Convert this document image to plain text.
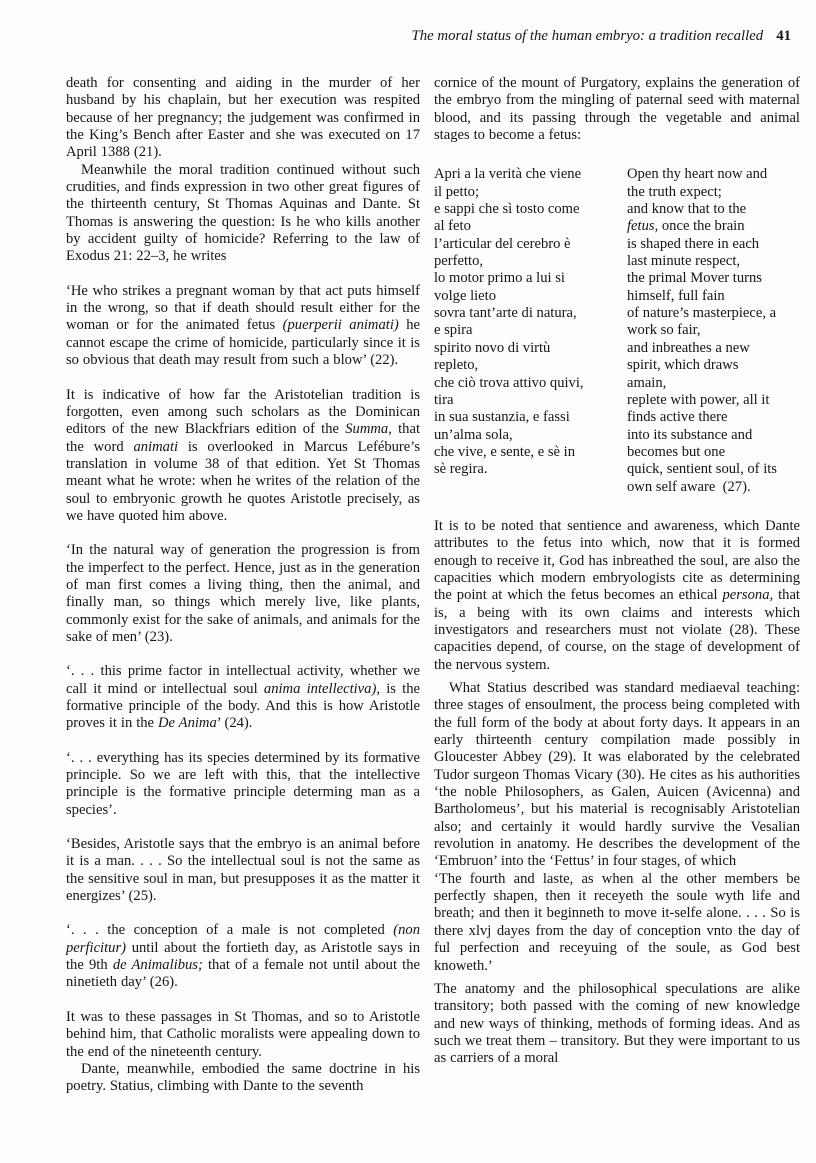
The moral status of the human embryo: a tradition recalled 41

death for consenting and aiding in the murder of her husband by his chaplain, but her execution was respited because of her pregnancy; the judgement was confirmed in the King’s Bench after Easter and she was executed on 17 April 1388 (21).

Meanwhile the moral tradition continued without such crudities, and finds expression in two other great figures of the thirteenth century, St Thomas Aquinas and Dante. St Thomas is answering the question: Is he who kills another by accident guilty of homicide? Referring to the law of Exodus 21: 22–3, he writes

‘He who strikes a pregnant woman by that act puts himself in the wrong, so that if death should result either for the woman or for the animated fetus (puerperii animati) he cannot escape the crime of homicide, particularly since it is so obvious that death may result from such a blow’ (22).

It is indicative of how far the Aristotelian tradition is forgotten, even among such scholars as the Dominican editors of the new Blackfriars edition of the Summa, that the word animati is overlooked in Marcus Lefébure’s translation in volume 38 of that edition. Yet St Thomas meant what he wrote: when he writes of the relation of the soul to embryonic growth he quotes Aristotle precisely, as we have quoted him above.

‘In the natural way of generation the progression is from the imperfect to the perfect. Hence, just as in the generation of man first comes a living thing, then the animal, and finally man, so things which merely live, like plants, commonly exist for the sake of animals, and animals for the sake of men’ (23).

‘. . . this prime factor in intellectual activity, whether we call it mind or intellectual soul anima intellectiva), is the formative principle of the body. And this is how Aristotle proves it in the De Anima’ (24).

‘. . . everything has its species determined by its formative principle. So we are left with this, that the intellective principle is the formative principle determing man as a species’.

‘Besides, Aristotle says that the embryo is an animal before it is a man. . . . So the intellectual soul is not the same as the sensitive soul in man, but presupposes it as the matter it energizes’ (25).

‘. . . the conception of a male is not completed (non perficitur) until about the fortieth day, as Aristotle says in the 9th de Animalibus; that of a female not until about the ninetieth day’ (26).

It was to these passages in St Thomas, and so to Aristotle behind him, that Catholic moralists were appealing down to the end of the nineteenth century.

Dante, meanwhile, embodied the same doctrine in his poetry. Statius, climbing with Dante to the seventh

cornice of the mount of Purgatory, explains the generation of the embryo from the mingling of paternal seed with maternal blood, and its passing through the vegetable and animal stages to become a fetus:

Apri a la verità che viene
il petto;
e sappi che sì tosto come
al feto
l’articular del cerebro è
perfetto,
lo motor primo a lui si
volge lieto
sovra tant’arte di natura,
e spira
spirito novo di virtù
repleto,
che ciò trova attivo quivi,
tira
in sua sustanzia, e fassi
un’alma sola,
che vive, e sente, e sè in
sè regira.
Open thy heart now and
the truth expect;
and know that to the
fetus, once the brain
is shaped there in each
last minute respect,
the primal Mover turns
himself, full fain
of nature’s masterpiece, a
work so fair,
and inbreathes a new
spirit, which draws
amain,
replete with power, all it
finds active there
into its substance and
becomes but one
quick, sentient soul, of its
own self aware  (27).

It is to be noted that sentience and awareness, which Dante attributes to the fetus into which, now that it is formed enough to receive it, God has inbreathed the soul, are also the capacities which modern embryologists cite as determining the point at which the fetus becomes an ethical persona, that is, a being with its own claims and interests which investigators and researchers must not violate (28). These capacities depend, of course, on the stage of development of the nervous system.

What Statius described was standard mediaeval teaching: three stages of ensoulment, the process being completed with the full form of the body at about forty days. It appears in an early thirteenth century compilation made possibly in Gloucester Abbey (29). It was elaborated by the celebrated Tudor surgeon Thomas Vicary (30). He cites as his authorities ‘the noble Philosophers, as Galen, Auicen (Avicenna) and Bartholomeus’, but his material is recognisably Aristotelian also; and certainly it would hardly survive the Vesalian revolution in anatomy. He describes the development of the ‘Embruon’ into the ‘Fettus’ in four stages, of which

‘The fourth and laste, as when al the other members be perfectly shapen, then it receyeth the soule wyth life and breath; and then it beginneth to move it-selfe alone. . . . So is there xlvj dayes from the day of conception vnto the day of ful perfection and receyuing of the soule, as God best knoweth.’

The anatomy and the philosophical speculations are alike transitory; both passed with the coming of new knowledge and new ways of thinking, methods of forming ideas. And as such we treat them – transitory. But they were important to us as carriers of a moral
